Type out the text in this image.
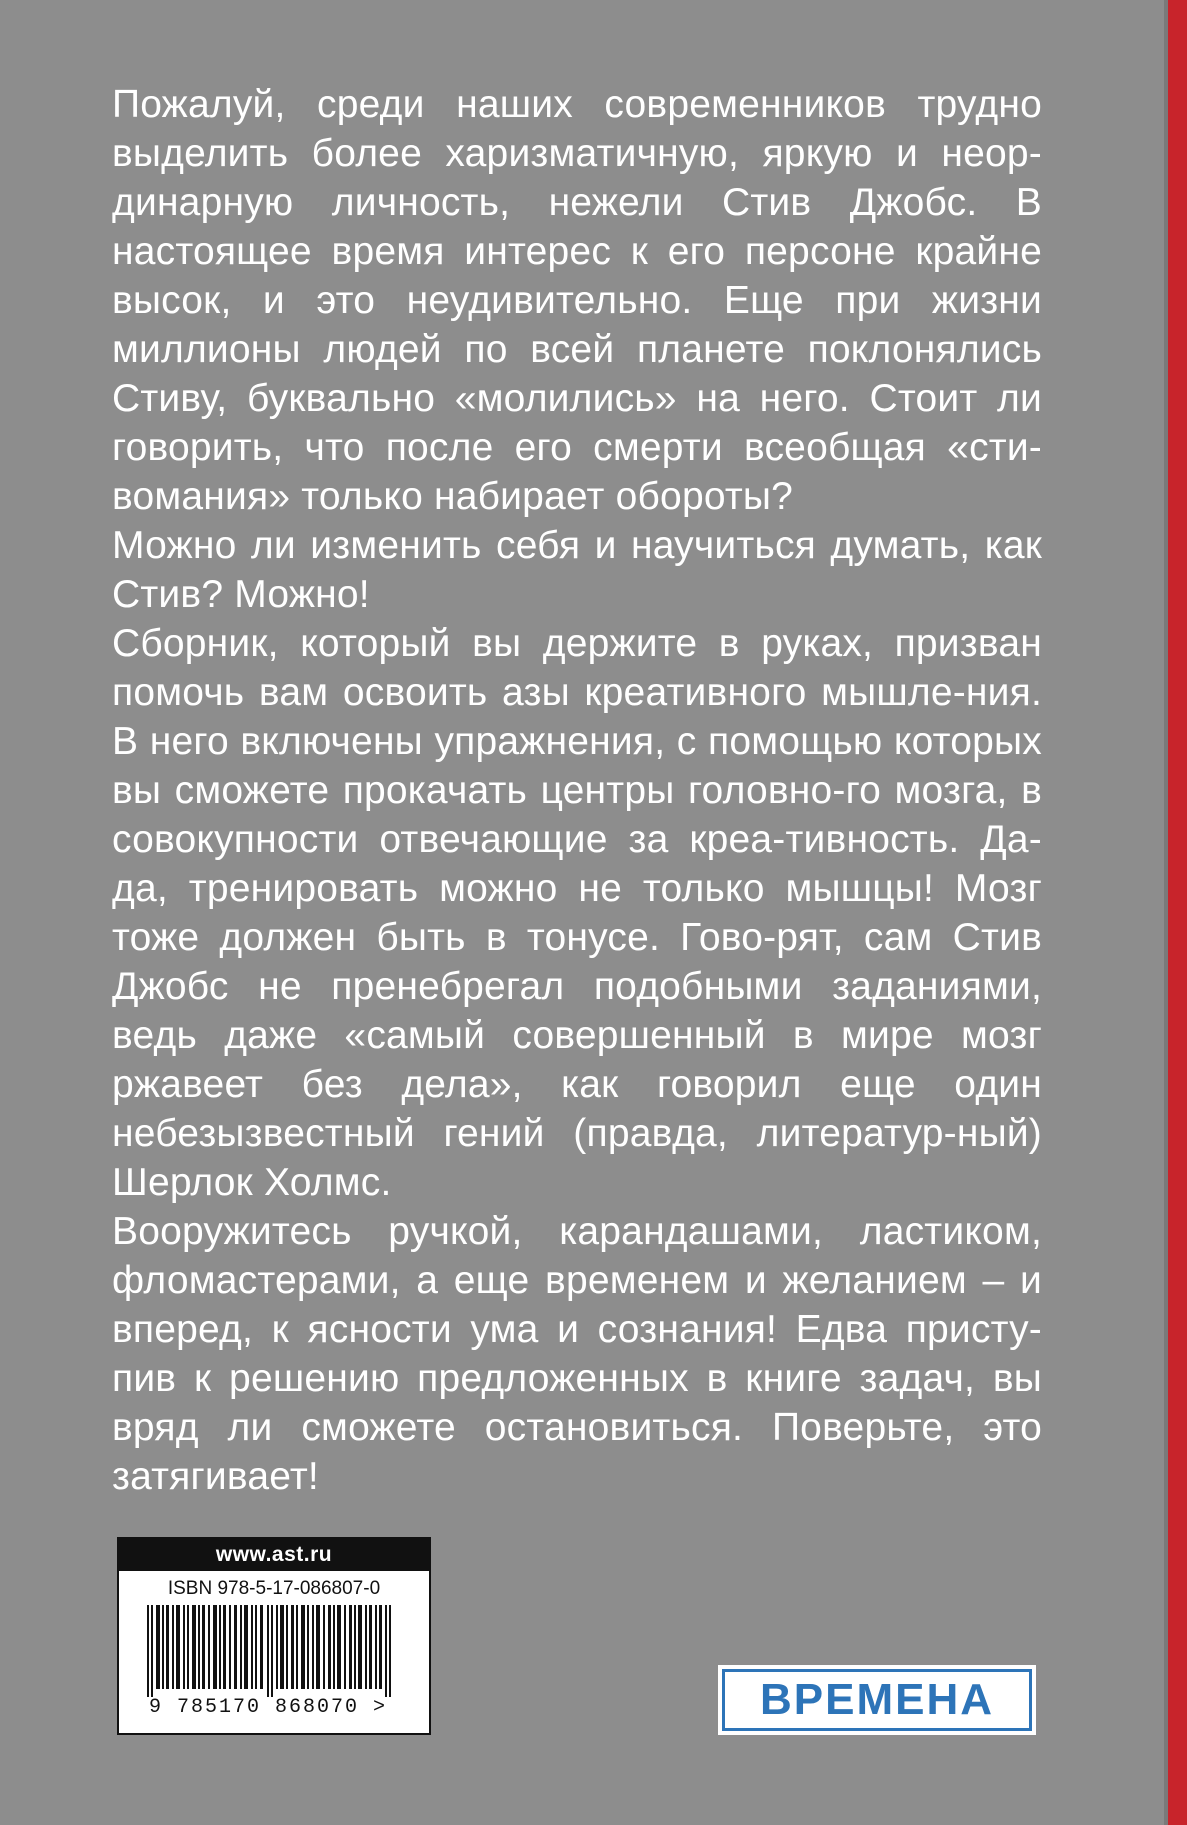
Пожалуй, среди наших современников трудно выделить более харизматичную, яркую и неор-динарную личность, нежели Стив Джобс. В настоящее время интерес к его персоне крайне высок, и это неудивительно. Еще при жизни миллионы людей по всей планете поклонялись Стиву, буквально «молились» на него. Стоит ли говорить, что после его смерти всеобщая «сти-вомания» только набирает обороты?

Можно ли изменить себя и научиться думать, как Стив? Можно!

Сборник, который вы держите в руках, призван помочь вам освоить азы креативного мышле-ния. В него включены упражнения, с помощью которых вы сможете прокачать центры головно-го мозга, в совокупности отвечающие за креа-тивность. Да-да, тренировать можно не только мышцы! Мозг тоже должен быть в тонусе. Гово-рят, сам Стив Джобс не пренебрегал подобными заданиями, ведь даже «самый совершенный в мире мозг ржавеет без дела», как говорил еще один небезызвестный гений (правда, литератур-ный) Шерлок Холмс.

Вооружитесь ручкой, карандашами, ластиком, фломастерами, а еще временем и желанием – и вперед, к ясности ума и сознания! Едва присту-пив к решению предложенных в книге задач, вы вряд ли сможете остановиться. Поверьте, это затягивает!

www.ast.ru
ISBN 978-5-17-086807-0
9 785170 868070 >	ВРЕМЕНА
